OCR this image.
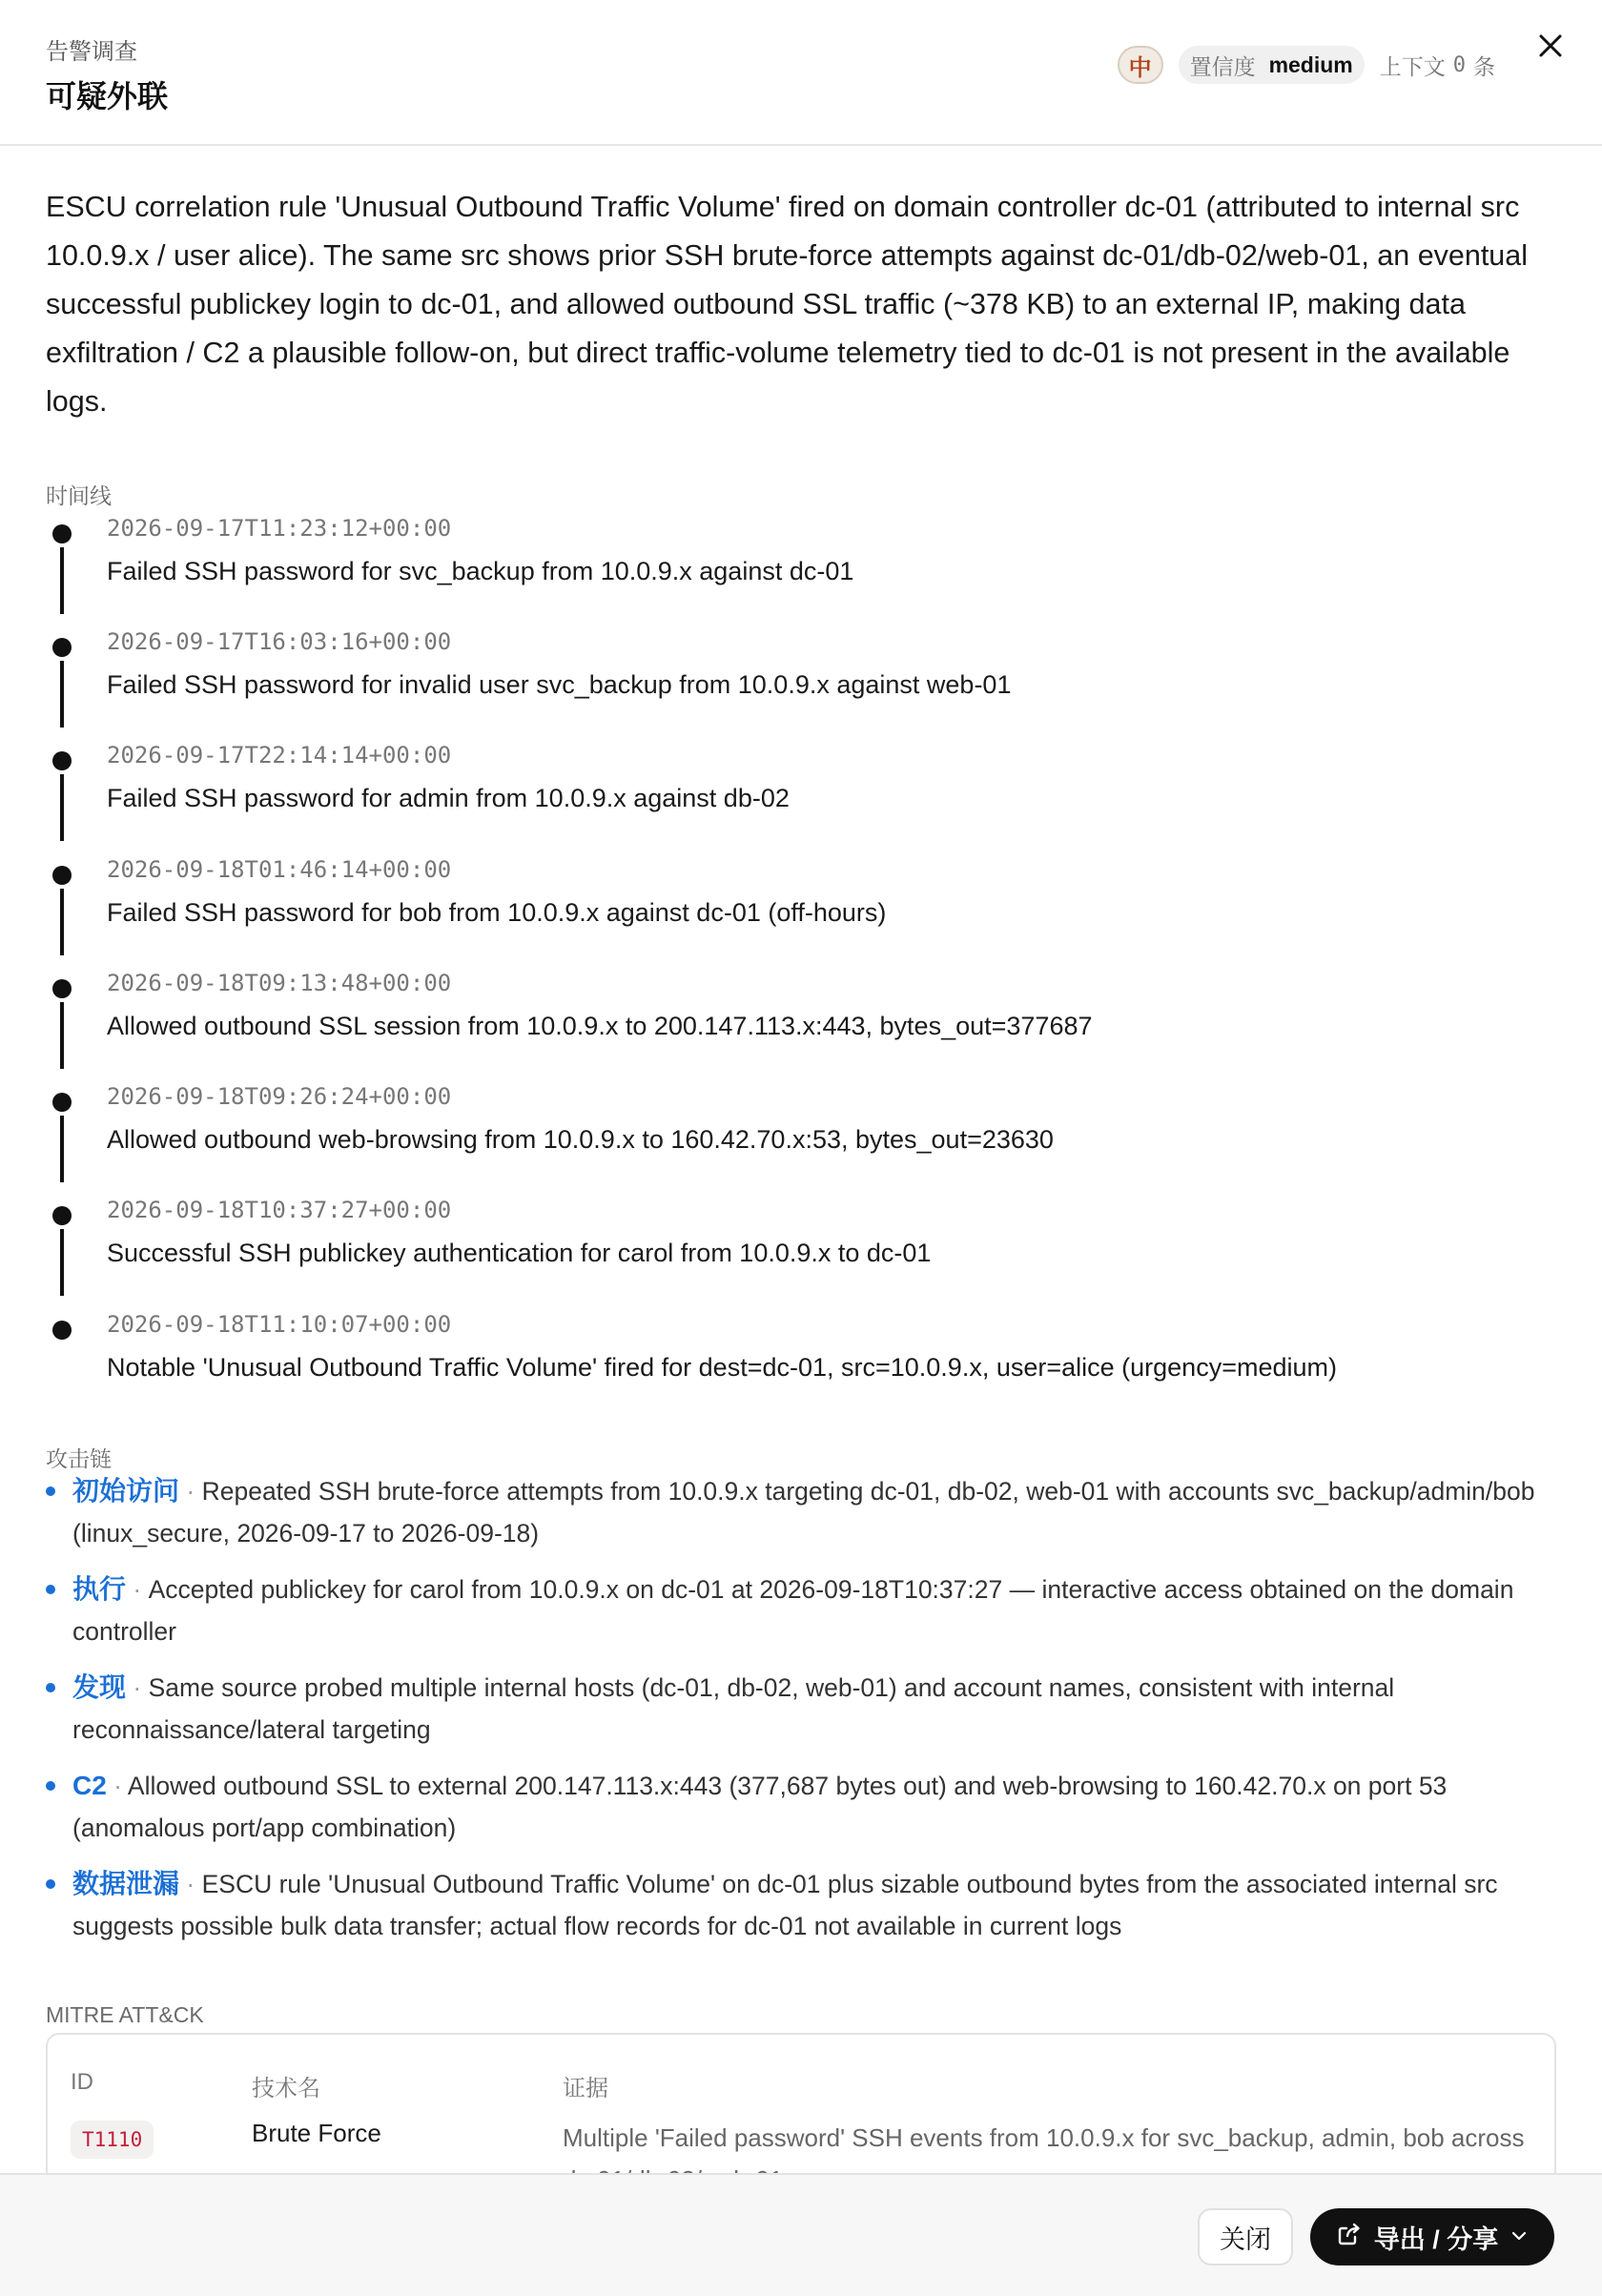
告警调查
可疑外联
中	置信度 medium 上下文 0 条
ESCU correlation rule 'Unusual Outbound Traffic Volume' fired on domain controller dc-01 (attributed to internal src 10.0.9.x / user alice). The same src shows prior SSH brute-force attempts against dc-01/db-02/web-01, an eventual successful publickey login to dc-01, and allowed outbound SSL traffic (~378 KB) to an external IP, making data exfiltration / C2 a plausible follow-on, but direct traffic-volume telemetry tied to dc-01 is not present in the available logs.
时间线
2026-09-17T11:23:12+00:00
Failed SSH password for svc_backup from 10.0.9.x against dc-01
2026-09-17T16:03:16+00:00
Failed SSH password for invalid user svc_backup from 10.0.9.x against web-01
2026-09-17T22:14:14+00:00
Failed SSH password for admin from 10.0.9.x against db-02
2026-09-18T01:46:14+00:00
Failed SSH password for bob from 10.0.9.x against dc-01 (off-hours)
2026-09-18T09:13:48+00:00
Allowed outbound SSL session from 10.0.9.x to 200.147.113.x:443, bytes_out=377687
2026-09-18T09:26:24+00:00
Allowed outbound web-browsing from 10.0.9.x to 160.42.70.x:53, bytes_out=23630
2026-09-18T10:37:27+00:00
Successful SSH publickey authentication for carol from 10.0.9.x to dc-01
2026-09-18T11:10:07+00:00
Notable 'Unusual Outbound Traffic Volume' fired for dest=dc-01, src=10.0.9.x, user=alice (urgency=medium)
攻击链
初始访问 · Repeated SSH brute-force attempts from 10.0.9.x targeting dc-01, db-02, web-01 with accounts svc_backup/admin/bob (linux_secure, 2026-09-17 to 2026-09-18)
执行 · Accepted publickey for carol from 10.0.9.x on dc-01 at 2026-09-18T10:37:27 — interactive access obtained on the domain controller
发现 · Same source probed multiple internal hosts (dc-01, db-02, web-01) and account names, consistent with internal reconnaissance/lateral targeting
C2 · Allowed outbound SSL to external 200.147.113.x:443 (377,687 bytes out) and web-browsing to 160.42.70.x on port 53 (anomalous port/app combination)
数据泄漏 · ESCU rule 'Unusual Outbound Traffic Volume' on dc-01 plus sizable outbound bytes from the associated internal src suggests possible bulk data transfer; actual flow records for dc-01 not available in current logs
MITRE ATT&CK
ID	技术名	证据
T1110	Brute Force	Multiple 'Failed password' SSH events from 10.0.9.x for svc_backup, admin, bob across
关闭	导出 / 分享
